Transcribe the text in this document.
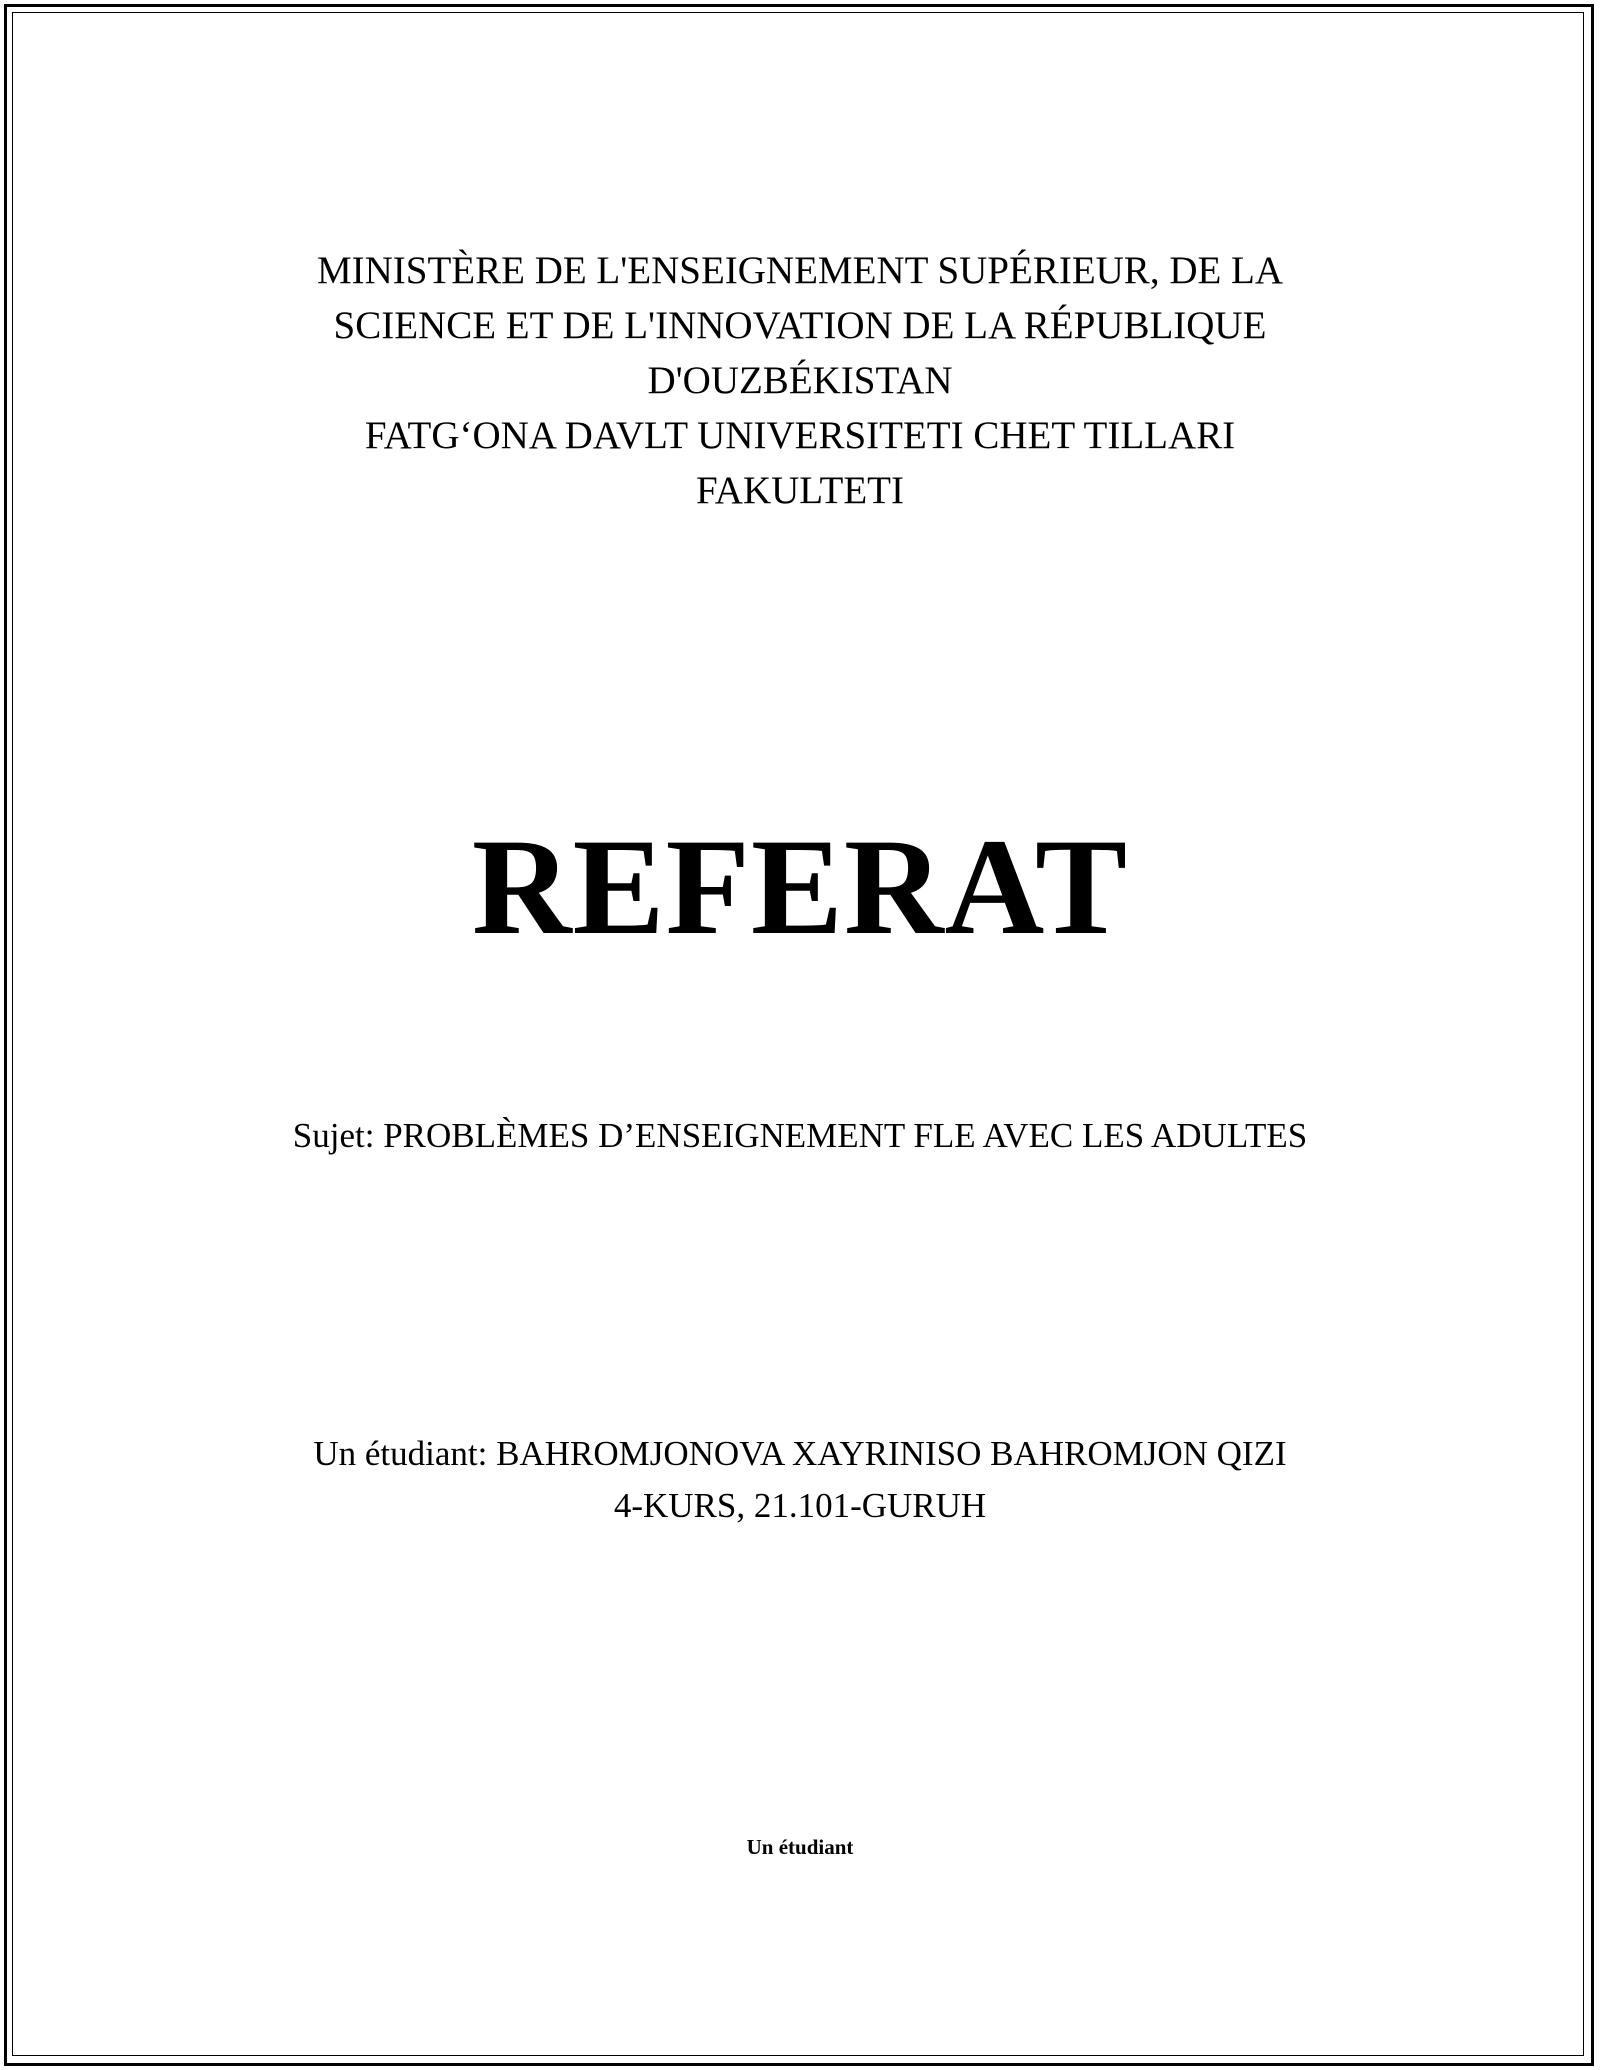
MINISTÈRE DE L'ENSEIGNEMENT SUPÉRIEUR, DE LA
SCIENCE ET DE L'INNOVATION DE LA RÉPUBLIQUE
D'OUZBÉKISTAN
FATG‘ONA DAVLT UNIVERSITETI CHET TILLARI
FAKULTETI
REFERAT
Sujet: PROBLÈMES D’ENSEIGNEMENT FLE AVEC LES ADULTES
Un étudiant: BAHROMJONOVA XAYRINISO BAHROMJON QIZI
4-KURS, 21.101-GURUH
Un étudiant
